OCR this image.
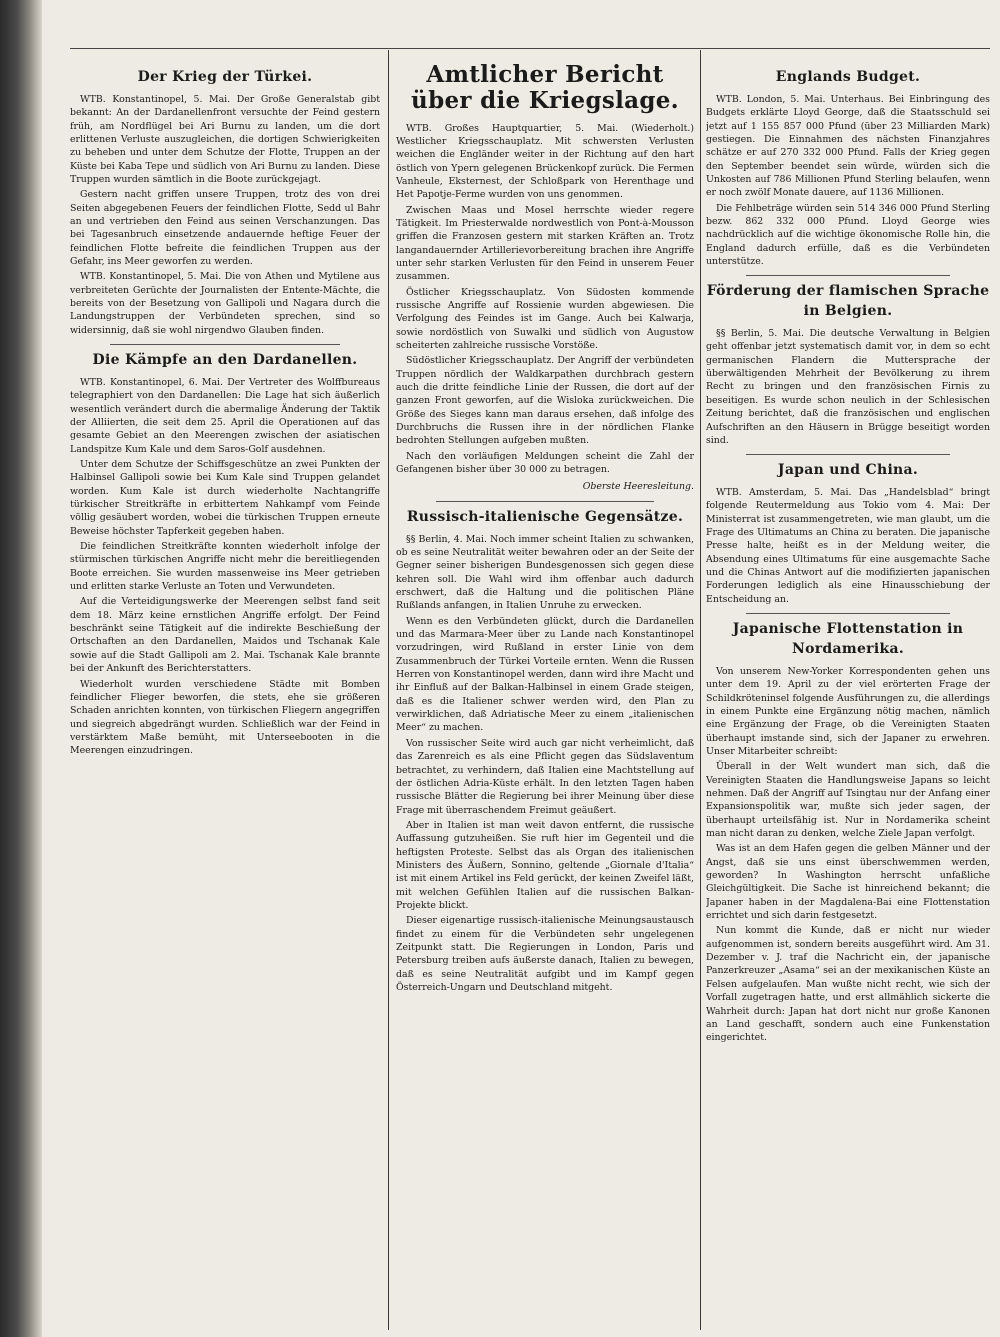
Der Krieg der Türkei.

WTB. Konstantinopel, 5. Mai. Der Große Generalstab gibt bekannt: An der Dardanellenfront versuchte der Feind gestern früh, am Nordflügel bei Ari Burnu zu landen, um die dort erlittenen Verluste auszugleichen, die dortigen Schwierigkeiten zu beheben und unter dem Schutze der Flotte, Truppen an der Küste bei Kaba Tepe und südlich von Ari Burnu zu landen. Diese Truppen wurden sämtlich in die Boote zurückgejagt.

Gestern nacht griffen unsere Truppen, trotz des von drei Seiten abgegebenen Feuers der feindlichen Flotte, Sedd ul Bahr an und vertrieben den Feind aus seinen Verschanzungen. Das bei Tagesanbruch einsetzende andauernde heftige Feuer der feindlichen Flotte befreite die feindlichen Truppen aus der Gefahr, ins Meer geworfen zu werden.

WTB. Konstantinopel, 5. Mai. Die von Athen und Mytilene aus verbreiteten Gerüchte der Journalisten der Entente-Mächte, die bereits von der Besetzung von Gallipoli und Nagara durch die Landungstruppen der Verbündeten sprechen, sind so widersinnig, daß sie wohl nirgendwo Glauben finden.

Die Kämpfe an den Dardanellen.

WTB. Konstantinopel, 6. Mai. Der Vertreter des Wolffbureaus telegraphiert von den Dardanellen: Die Lage hat sich äußerlich wesentlich verändert durch die abermalige Änderung der Taktik der Alliierten, die seit dem 25. April die Operationen auf das gesamte Gebiet an den Meerengen zwischen der asiatischen Landspitze Kum Kale und dem Saros-Golf ausdehnen.

Unter dem Schutze der Schiffsgeschütze an zwei Punkten der Halbinsel Gallipoli sowie bei Kum Kale sind Truppen gelandet worden. Kum Kale ist durch wiederholte Nachtangriffe türkischer Streitkräfte in erbittertem Nahkampf vom Feinde völlig gesäubert worden, wobei die türkischen Truppen erneute Beweise höchster Tapferkeit gegeben haben.

Die feindlichen Streitkräfte konnten wiederholt infolge der stürmischen türkischen Angriffe nicht mehr die bereitliegenden Boote erreichen. Sie wurden massenweise ins Meer getrieben und erlitten starke Verluste an Toten und Verwundeten.

Auf die Verteidigungswerke der Meerengen selbst fand seit dem 18. März keine ernstlichen Angriffe erfolgt. Der Feind beschränkt seine Tätigkeit auf die indirekte Beschießung der Ortschaften an den Dardanellen, Maidos und Tschanak Kale sowie auf die Stadt Gallipoli am 2. Mai. Tschanak Kale brannte bei der Ankunft des Berichterstatters.

Wiederholt wurden verschiedene Städte mit Bomben feindlicher Flieger beworfen, die stets, ehe sie größeren Schaden anrichten konnten, von türkischen Fliegern angegriffen und siegreich abgedrängt wurden. Schließlich war der Feind in verstärktem Maße bemüht, mit Unterseebooten in die Meerengen einzudringen.

Amtlicher Bericht über die Kriegslage.

WTB. Großes Hauptquartier, 5. Mai. (Wiederholt.) Westlicher Kriegsschauplatz. Mit schwersten Verlusten weichen die Engländer weiter in der Richtung auf den hart östlich von Ypern gelegenen Brückenkopf zurück. Die Fermen Vanheule, Eksternest, der Schloßpark von Herenthage und Het Papotje-Ferme wurden von uns genommen.

Zwischen Maas und Mosel herrschte wieder regere Tätigkeit. Im Priesterwalde nordwestlich von Pont-à-Mousson griffen die Franzosen gestern mit starken Kräften an. Trotz langandauernder Artillerievorbereitung brachen ihre Angriffe unter sehr starken Verlusten für den Feind in unserem Feuer zusammen.

Östlicher Kriegsschauplatz. Von Südosten kommende russische Angriffe auf Rossienie wurden abgewiesen. Die Verfolgung des Feindes ist im Gange. Auch bei Kalwarja, sowie nordöstlich von Suwalki und südlich von Augustow scheiterten zahlreiche russische Vorstöße.

Südöstlicher Kriegsschauplatz. Der Angriff der verbündeten Truppen nördlich der Waldkarpathen durchbrach gestern auch die dritte feindliche Linie der Russen, die dort auf der ganzen Front geworfen, auf die Wisloka zurückweichen. Die Größe des Sieges kann man daraus ersehen, daß infolge des Durchbruchs die Russen ihre in der nördlichen Flanke bedrohten Stellungen aufgeben mußten.

Nach den vorläufigen Meldungen scheint die Zahl der Gefangenen bisher über 30 000 zu betragen.

Oberste Heeresleitung.
Russisch-italienische Gegensätze.

§§ Berlin, 4. Mai. Noch immer scheint Italien zu schwanken, ob es seine Neutralität weiter bewahren oder an der Seite der Gegner seiner bisherigen Bundesgenossen sich gegen diese kehren soll. Die Wahl wird ihm offenbar auch dadurch erschwert, daß die Haltung und die politischen Pläne Rußlands anfangen, in Italien Unruhe zu erwecken.

Wenn es den Verbündeten glückt, durch die Dardanellen und das Marmara-Meer über zu Lande nach Konstantinopel vorzudringen, wird Rußland in erster Linie von dem Zusammenbruch der Türkei Vorteile ernten. Wenn die Russen Herren von Konstantinopel werden, dann wird ihre Macht und ihr Einfluß auf der Balkan-Halbinsel in einem Grade steigen, daß es die Italiener schwer werden wird, den Plan zu verwirklichen, daß Adriatische Meer zu einem „italienischen Meer“ zu machen.

Von russischer Seite wird auch gar nicht verheimlicht, daß das Zarenreich es als eine Pflicht gegen das Südslaventum betrachtet, zu verhindern, daß Italien eine Machtstellung auf der östlichen Adria-Küste erhält. In den letzten Tagen haben russische Blätter die Regierung bei ihrer Meinung über diese Frage mit überraschendem Freimut geäußert.

Aber in Italien ist man weit davon entfernt, die russische Auffassung gutzuheißen. Sie ruft hier im Gegenteil und die heftigsten Proteste. Selbst das als Organ des italienischen Ministers des Äußern, Sonnino, geltende „Giornale d'Italia“ ist mit einem Artikel ins Feld gerückt, der keinen Zweifel läßt, mit welchen Gefühlen Italien auf die russischen Balkan-Projekte blickt.

Dieser eigenartige russisch-italienische Meinungsaustausch findet zu einem für die Verbündeten sehr ungelegenen Zeitpunkt statt. Die Regierungen in London, Paris und Petersburg treiben aufs äußerste danach, Italien zu bewegen, daß es seine Neutralität aufgibt und im Kampf gegen Österreich-Ungarn und Deutschland mitgeht.

Englands Budget.

WTB. London, 5. Mai. Unterhaus. Bei Einbringung des Budgets erklärte Lloyd George, daß die Staatsschuld sei jetzt auf 1 155 857 000 Pfund (über 23 Milliarden Mark) gestiegen. Die Einnahmen des nächsten Finanzjahres schätze er auf 270 332 000 Pfund. Falls der Krieg gegen den September beendet sein würde, würden sich die Unkosten auf 786 Millionen Pfund Sterling belaufen, wenn er noch zwölf Monate dauere, auf 1136 Millionen.

Die Fehlbeträge würden sein 514 346 000 Pfund Sterling bezw. 862 332 000 Pfund. Lloyd George wies nachdrücklich auf die wichtige ökonomische Rolle hin, die England dadurch erfülle, daß es die Verbündeten unterstütze.

Förderung der flamischen Sprache in Belgien.

§§ Berlin, 5. Mai. Die deutsche Verwaltung in Belgien geht offenbar jetzt systematisch damit vor, in dem so echt germanischen Flandern die Muttersprache der überwältigenden Mehrheit der Bevölkerung zu ihrem Recht zu bringen und den französischen Firnis zu beseitigen. Es wurde schon neulich in der Schlesischen Zeitung berichtet, daß die französischen und englischen Aufschriften an den Häusern in Brügge beseitigt worden sind.

Japan und China.

WTB. Amsterdam, 5. Mai. Das „Handelsblad“ bringt folgende Reutermeldung aus Tokio vom 4. Mai: Der Ministerrat ist zusammengetreten, wie man glaubt, um die Frage des Ultimatums an China zu beraten. Die japanische Presse halte, heißt es in der Meldung weiter, die Absendung eines Ultimatums für eine ausgemachte Sache und die Chinas Antwort auf die modifizierten japanischen Forderungen lediglich als eine Hinausschiebung der Entscheidung an.

Japanische Flottenstation in Nordamerika.

Von unserem New-Yorker Korrespondenten gehen uns unter dem 19. April zu der viel erörterten Frage der Schildkröteninsel folgende Ausführungen zu, die allerdings in einem Punkte eine Ergänzung nötig machen, nämlich eine Ergänzung der Frage, ob die Vereinigten Staaten überhaupt imstande sind, sich der Japaner zu erwehren. Unser Mitarbeiter schreibt:

Überall in der Welt wundert man sich, daß die Vereinigten Staaten die Handlungsweise Japans so leicht nehmen. Daß der Angriff auf Tsingtau nur der Anfang einer Expansionspolitik war, mußte sich jeder sagen, der überhaupt urteilsfähig ist. Nur in Nordamerika scheint man nicht daran zu denken, welche Ziele Japan verfolgt.

Was ist an dem Hafen gegen die gelben Männer und der Angst, daß sie uns einst überschwemmen werden, geworden? In Washington herrscht unfaßliche Gleichgültigkeit. Die Sache ist hinreichend bekannt; die Japaner haben in der Magdalena-Bai eine Flottenstation errichtet und sich darin festgesetzt.

Nun kommt die Kunde, daß er nicht nur wieder aufgenommen ist, sondern bereits ausgeführt wird. Am 31. Dezember v. J. traf die Nachricht ein, der japanische Panzerkreuzer „Asama“ sei an der mexikanischen Küste an Felsen aufgelaufen. Man wußte nicht recht, wie sich der Vorfall zugetragen hatte, und erst allmählich sickerte die Wahrheit durch: Japan hat dort nicht nur große Kanonen an Land geschafft, sondern auch eine Funkenstation eingerichtet.
